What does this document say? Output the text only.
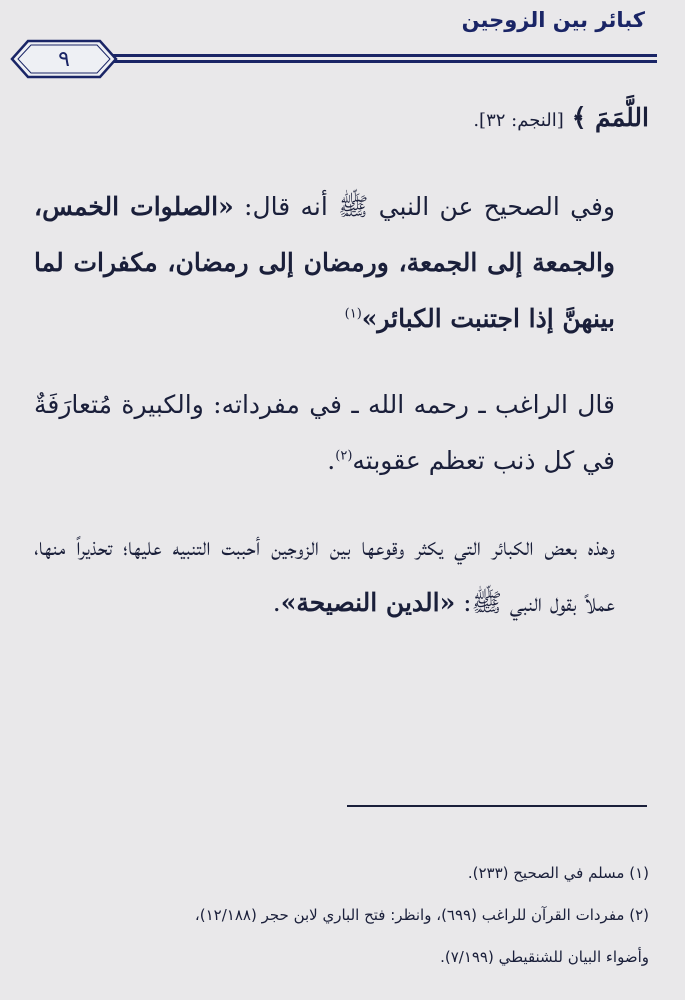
كبائر بين الزوجين
٩

اللَّمَمَ ﴾ [النجم: ٣٢].

وفي الصحيح عن النبي ﷺ أنه قال: «الصلوات الخمس، والجمعة إلى الجمعة، ورمضان إلى رمضان، مكفرات لما بينهنَّ إذا اجتنبت الكبائر»$^{(١)}$

قال الراغب ـ رحمه الله ـ في مفرداته: والكبيرة مُتعارَفَةٌ في كل ذنب تعظم عقوبته$^{(٢)}$.

وهذه بعض الكبائر التي يكثر وقوعها بين الزوجين أحببت التنبيه عليها؛ تحذيراً منها، عملاً بقول النبي ﷺ: «الدين النصيحة».

(١) مسلم في الصحيح (٢٣٣).

(٢) مفردات القرآن للراغب (٦٩٩)، وانظر: فتح الباري لابن حجر (١٢/١٨٨)،

وأضواء البيان للشنقيطي (٧/١٩٩).
